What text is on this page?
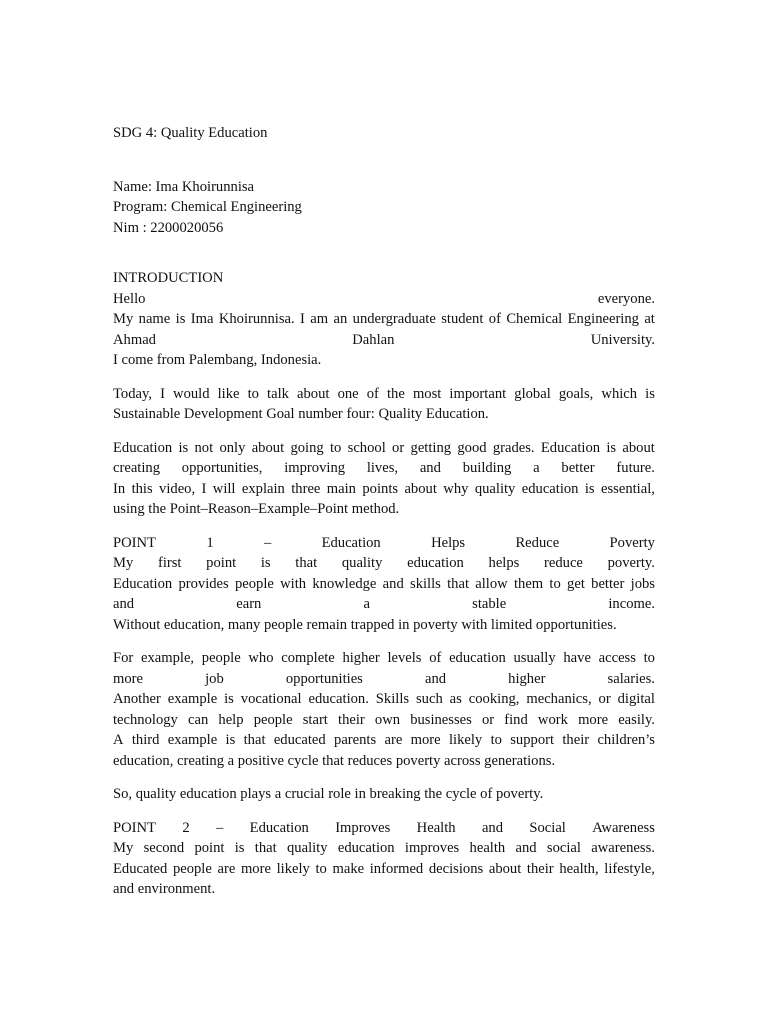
SDG 4: Quality Education
Name: Ima Khoirunnisa
Program: Chemical Engineering
Nim : 2200020056
INTRODUCTION
Hello	everyone.
My name is Ima Khoirunnisa. I am an undergraduate student of Chemical Engineering at
Ahmad	Dahlan	University.
I come from Palembang, Indonesia.
Today, I would like to talk about one of the most important global goals, which is
Sustainable Development Goal number four: Quality Education.
Education is not only about going to school or getting good grades. Education is about
creating opportunities, improving lives, and building a better future.
In this video, I will explain three main points about why quality education is essential,
using the Point–Reason–Example–Point method.
POINT	1	–	Education	Helps	Reduce	Poverty
My first point is that quality education helps reduce poverty.
Education provides people with knowledge and skills that allow them to get better jobs
and	earn	a	stable	income.
Without education, many people remain trapped in poverty with limited opportunities.
For example, people who complete higher levels of education usually have access to
more	job	opportunities	and	higher	salaries.
Another example is vocational education. Skills such as cooking, mechanics, or digital
technology can help people start their own businesses or find work more easily.
A third example is that educated parents are more likely to support their children’s
education, creating a positive cycle that reduces poverty across generations.
So, quality education plays a crucial role in breaking the cycle of poverty.
POINT 2 – Education Improves Health and Social Awareness
My second point is that quality education improves health and social awareness.
Educated people are more likely to make informed decisions about their health, lifestyle,
and environment.
